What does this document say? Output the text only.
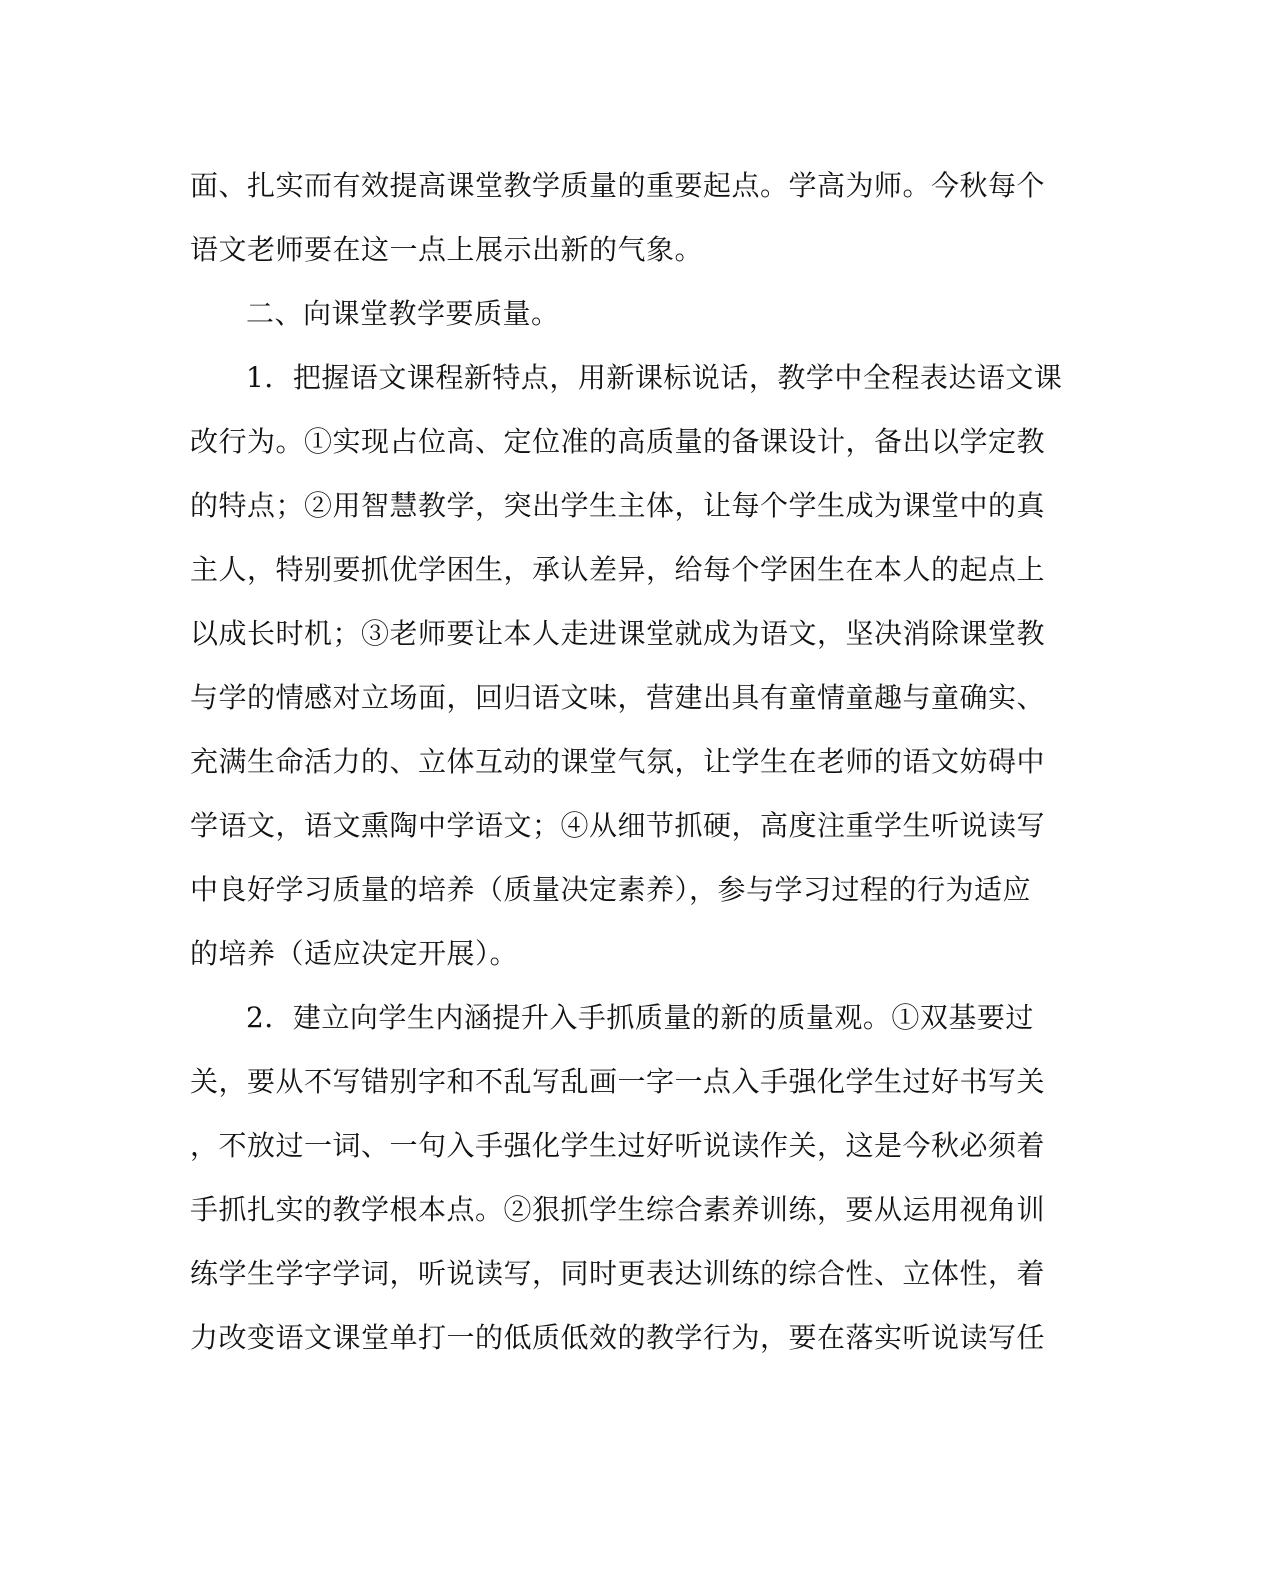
面、扎实而有效提高课堂教学质量的重要起点。学高为师。今秋每个
语文老师要在这一点上展示出新的气象。
二、向课堂教学要质量。
1．把握语文课程新特点，用新课标说话，教学中全程表达语文课
改行为。①实现占位高、定位准的高质量的备课设计，备出以学定教
的特点；②用智慧教学，突出学生主体，让每个学生成为课堂中的真
主人，特别要抓优学困生，承认差异，给每个学困生在本人的起点上
以成长时机；③老师要让本人走进课堂就成为语文，坚决消除课堂教
与学的情感对立场面，回归语文味，营建出具有童情童趣与童确实、
充满生命活力的、立体互动的课堂气氛，让学生在老师的语文妨碍中
学语文，语文熏陶中学语文；④从细节抓硬，高度注重学生听说读写
中良好学习质量的培养（质量决定素养），参与学习过程的行为适应
的培养（适应决定开展）。
2．建立向学生内涵提升入手抓质量的新的质量观。①双基要过
关，要从不写错别字和不乱写乱画一字一点入手强化学生过好书写关
，不放过一词、一句入手强化学生过好听说读作关，这是今秋必须着
手抓扎实的教学根本点。②狠抓学生综合素养训练，要从运用视角训
练学生学字学词，听说读写，同时更表达训练的综合性、立体性，着
力改变语文课堂单打一的低质低效的教学行为，要在落实听说读写任
